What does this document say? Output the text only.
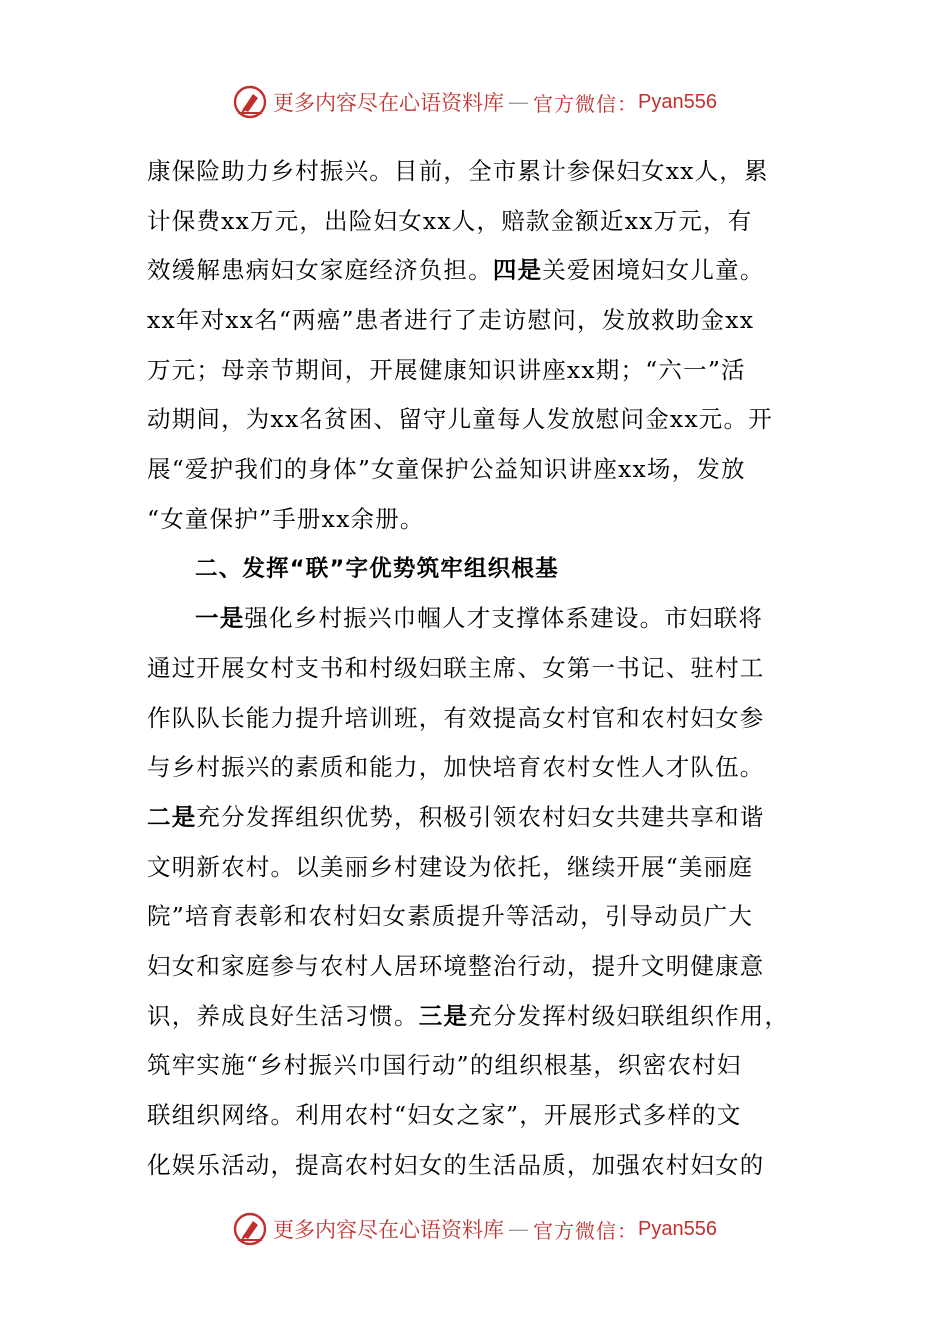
更多内容尽在心语资料库 — 官方微信： Pyan556
康保险助力乡村振兴。目前，全市累计参保妇女xx人，累
计保费xx万元，出险妇女xx人，赔款金额近xx万元，有
效缓解患病妇女家庭经济负担。四是关爱困境妇女儿童。
xx年对xx名“两癌”患者进行了走访慰问，发放救助金xx
万元；母亲节期间，开展健康知识讲座xx期；“六一”活
动期间，为xx名贫困、留守儿童每人发放慰问金xx元。开
展“爱护我们的身体”女童保护公益知识讲座xx场，发放
“女童保护”手册xx余册。
二、发挥“联”字优势筑牢组织根基
一是强化乡村振兴巾帼人才支撑体系建设。市妇联将
通过开展女村支书和村级妇联主席、女第一书记、驻村工
作队队长能力提升培训班，有效提高女村官和农村妇女参
与乡村振兴的素质和能力，加快培育农村女性人才队伍。
二是充分发挥组织优势，积极引领农村妇女共建共享和谐
文明新农村。以美丽乡村建设为依托，继续开展“美丽庭
院”培育表彰和农村妇女素质提升等活动，引导动员广大
妇女和家庭参与农村人居环境整治行动，提升文明健康意
识，养成良好生活习惯。三是充分发挥村级妇联组织作用，
筑牢实施“乡村振兴巾国行动”的组织根基，织密农村妇
联组织网络。利用农村“妇女之家”，开展形式多样的文
化娱乐活动，提高农村妇女的生活品质，加强农村妇女的
更多内容尽在心语资料库 — 官方微信： Pyan556
